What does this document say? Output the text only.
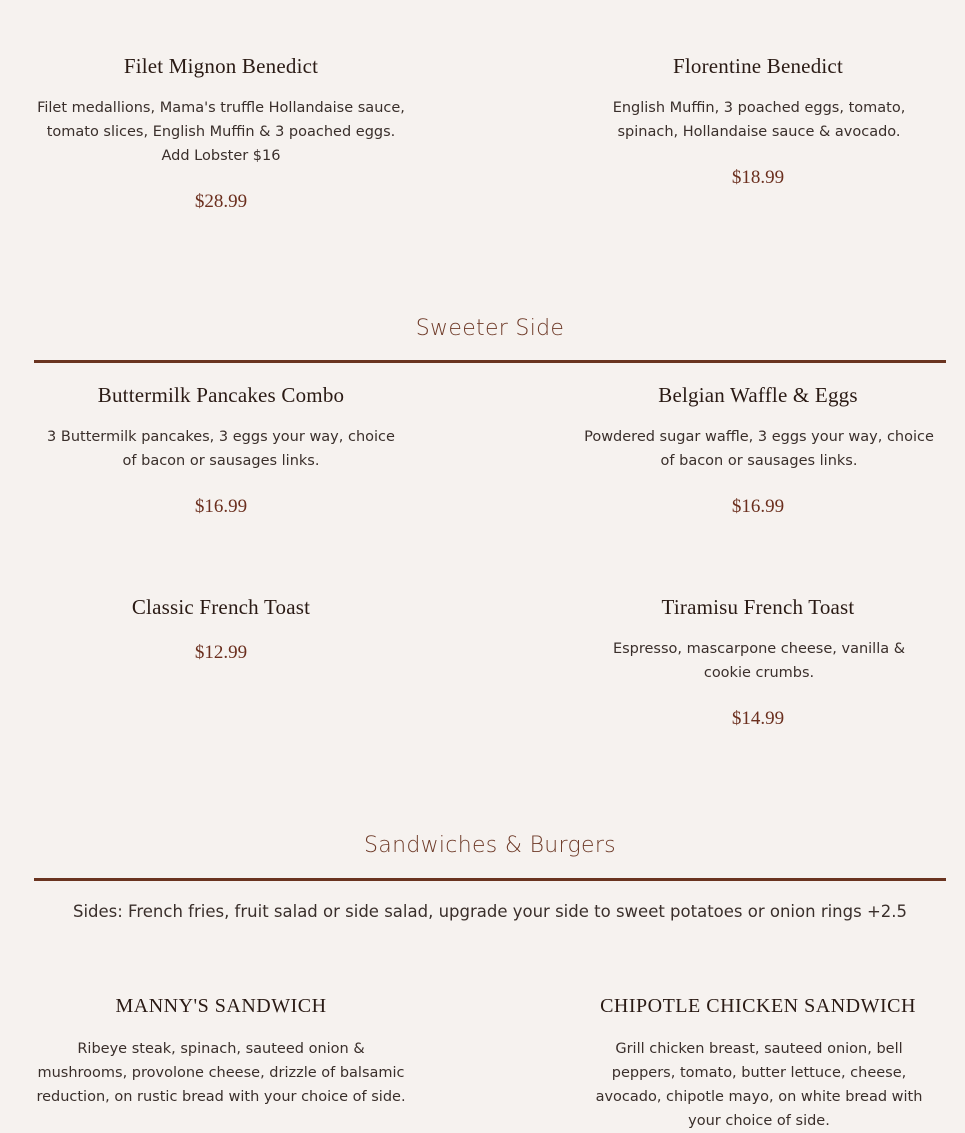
Filet Mignon Benedict
Filet medallions, Mama's truffle Hollandaise sauce, tomato slices, English Muffin & 3 poached eggs. Add Lobster $16
$28.99
Florentine Benedict
English Muffin, 3 poached eggs, tomato, spinach, Hollandaise sauce & avocado.
$18.99
Sweeter Side
Buttermilk Pancakes Combo
3 Buttermilk pancakes, 3 eggs your way, choice of bacon or sausages links.
$16.99
Belgian Waffle & Eggs
Powdered sugar waffle, 3 eggs your way, choice of bacon or sausages links.
$16.99
Classic French Toast
$12.99
Tiramisu French Toast
Espresso, mascarpone cheese, vanilla & cookie crumbs.
$14.99
Sandwiches & Burgers
Sides: French fries, fruit salad or side salad, upgrade your side to sweet potatoes or onion rings +2.5
MANNY'S SANDWICH
Ribeye steak, spinach, sauteed onion & mushrooms, provolone cheese, drizzle of balsamic reduction, on rustic bread with your choice of side.
CHIPOTLE CHICKEN SANDWICH
Grill chicken breast, sauteed onion, bell peppers, tomato, butter lettuce, cheese, avocado, chipotle mayo, on white bread with your choice of side.
